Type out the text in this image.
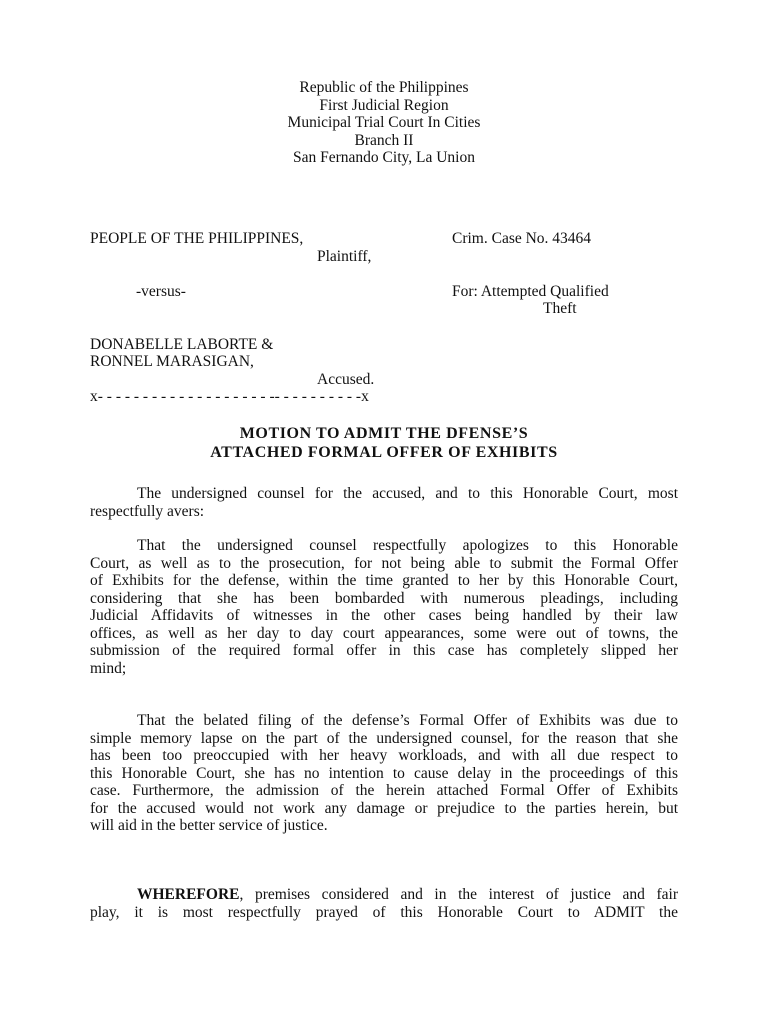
Republic of the Philippines
First Judicial Region
Municipal Trial Court In Cities
Branch II
San Fernando City, La Union
PEOPLE OF THE PHILIPPINES,
Plaintiff,
Crim. Case No. 43464
-versus-	For: Attempted Qualified
Theft
DONABELLE LABORTE &
RONNEL MARASIGAN,
Accused.
x- - - - - - - - - - - - - - - - - - - -- - - - - - - - - -x
MOTION TO ADMIT THE DFENSE’S
ATTACHED FORMAL OFFER OF EXHIBITS
The undersigned counsel for the accused, and to this Honorable Court, most
respectfully avers:
That the undersigned counsel respectfully apologizes to this Honorable
Court, as well as to the prosecution, for not being able to submit the Formal Offer
of Exhibits for the defense, within the time granted to her by this Honorable Court,
considering that she has been bombarded with numerous pleadings, including
Judicial Affidavits of witnesses in the other cases being handled by their law
offices, as well as her day to day court appearances, some were out of towns, the
submission of the required formal offer in this case has completely slipped her
mind;
That the belated filing of the defense’s Formal Offer of Exhibits was due to
simple memory lapse on the part of the undersigned counsel, for the reason that she
has been too preoccupied with her heavy workloads, and with all due respect to
this Honorable Court, she has no intention to cause delay in the proceedings of this
case. Furthermore, the admission of the herein attached Formal Offer of Exhibits
for the accused would not work any damage or prejudice to the parties herein, but
will aid in the better service of justice.
WHEREFORE, premises considered and in the interest of justice and fair
play, it is most respectfully prayed of this Honorable Court to ADMIT the
